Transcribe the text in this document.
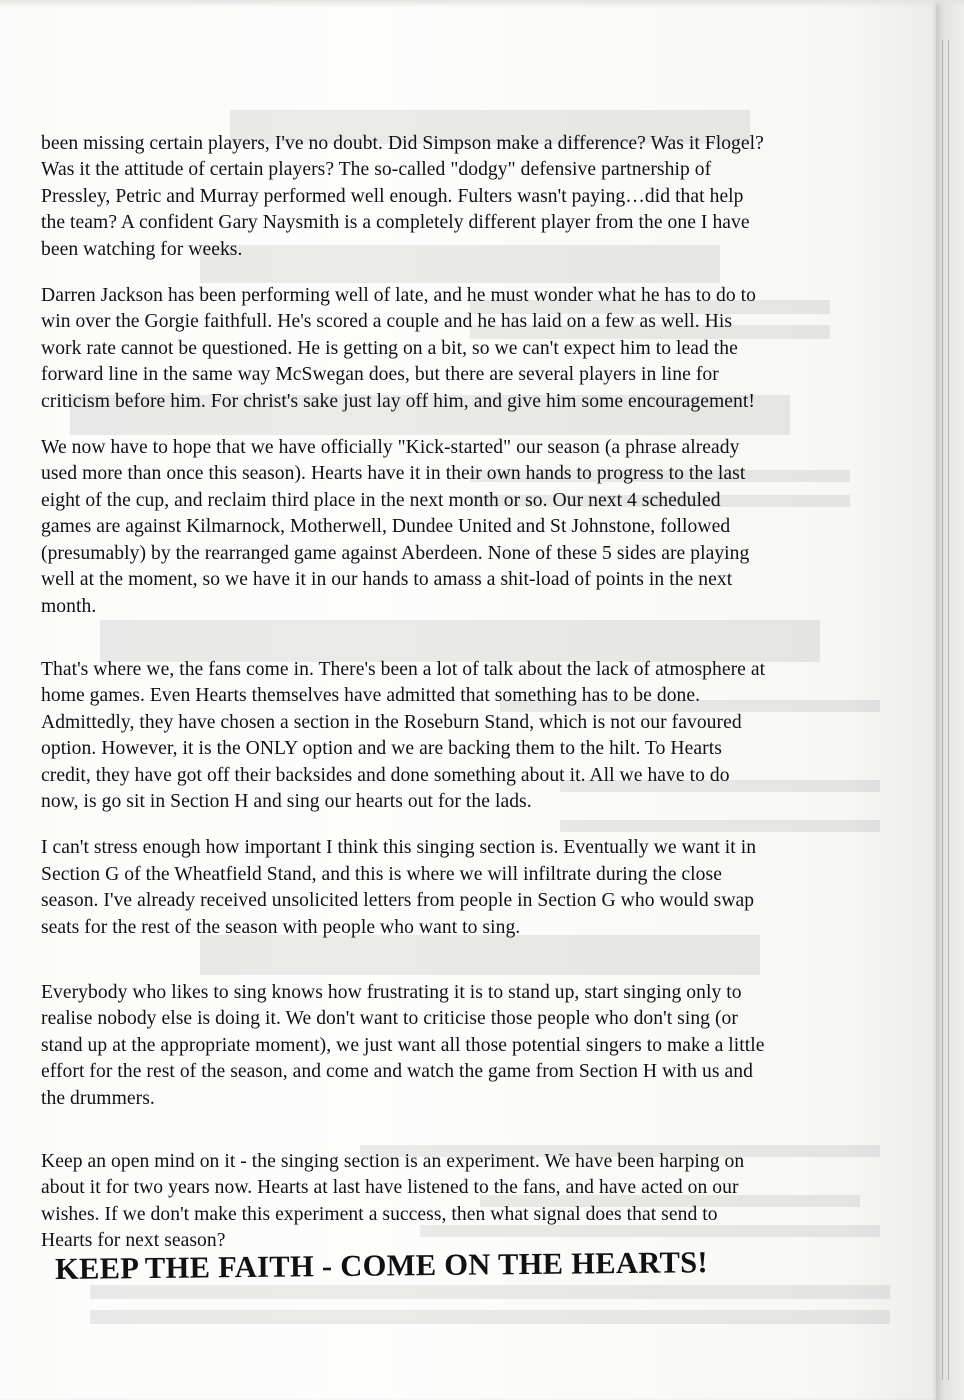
been missing certain players, I've no doubt. Did Simpson make a difference? Was it Flogel?
Was it the attitude of certain players? The so-called "dodgy" defensive partnership of
Pressley, Petric and Murray performed well enough. Fulters wasn't paying…did that help
the team? A confident Gary Naysmith is a completely different player from the one I have
been watching for weeks.

Darren Jackson has been performing well of late, and he must wonder what he has to do to
win over the Gorgie faithfull. He's scored a couple and he has laid on a few as well. His
work rate cannot be questioned. He is getting on a bit, so we can't expect him to lead the
forward line in the same way McSwegan does, but there are several players in line for
criticism before him. For christ's sake just lay off him, and give him some encouragement!

We now have to hope that we have officially "Kick-started" our season (a phrase already
used more than once this season). Hearts have it in their own hands to progress to the last
eight of the cup, and reclaim third place in the next month or so. Our next 4 scheduled
games are against Kilmarnock, Motherwell, Dundee United and St Johnstone, followed
(presumably) by the rearranged game against Aberdeen. None of these 5 sides are playing
well at the moment, so we have it in our hands to amass a shit-load of points in the next
month.

That's where we, the fans come in. There's been a lot of talk about the lack of atmosphere at
home games. Even Hearts themselves have admitted that something has to be done.
Admittedly, they have chosen a section in the Roseburn Stand, which is not our favoured
option. However, it is the ONLY option and we are backing them to the hilt. To Hearts
credit, they have got off their backsides and done something about it. All we have to do
now, is go sit in Section H and sing our hearts out for the lads.

I can't stress enough how important I think this singing section is. Eventually we want it in
Section G of the Wheatfield Stand, and this is where we will infiltrate during the close
season. I've already received unsolicited letters from people in Section G who would swap
seats for the rest of the season with people who want to sing.

Everybody who likes to sing knows how frustrating it is to stand up, start singing only to
realise nobody else is doing it. We don't want to criticise those people who don't sing (or
stand up at the appropriate moment), we just want all those potential singers to make a little
effort for the rest of the season, and come and watch the game from Section H with us and
the drummers.

Keep an open mind on it - the singing section is an experiment. We have been harping on
about it for two years now. Hearts at last have listened to the fans, and have acted on our
wishes. If we don't make this experiment a success, then what signal does that send to
Hearts for next season?

KEEP THE FAITH - COME ON THE HEARTS!
